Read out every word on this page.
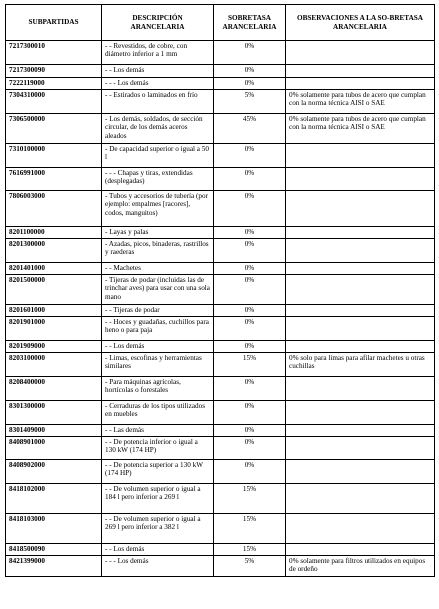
SUBPARTIDAS	DESCRIPCIÓN ARANCELARIA	SOBRETASA ARANCELARIA	OBSERVACIONES A LA SO-BRETASA ARANCELARIA
7217300010	- - Revestidos, de cobre, con diámetro inferior a 1 mm	0%	
7217300090	- - Los demás	0%	
7222119000	- - - Los demás	0%	
7304310000	- - Estirados o laminados en frío	5%	0% solamente para tubos de acero que cumplan con la norma técnica AISI o SAE
7306500000	- Los demás, soldados, de sección circular, de los demás aceros aleados	45%	0% solamente para tubos de acero que cumplan con la norma técnica AISI o SAE
7310100000	- De capacidad superior o igual a 50 l	0%	
7616991000	- - - Chapas y tiras, extendidas (desplegadas)	0%	
7806003000	- Tubos y accesorios de tubería (por ejemplo: empalmes [racores], codos, manguitos)	0%	
8201100000	- Layas y palas	0%	
8201300000	- Azadas, picos, binaderas, rastrillos y raederas	0%	
8201401000	- - Machetes	0%	
8201500000	- Tijeras de podar (incluidas las de trinchar aves) para usar con una sola mano	0%	
8201601000	- - Tijeras de podar	0%	
8201901000	- - Hoces y guadañas, cuchillos para heno o para paja	0%	
8201909000	- - Los demás	0%	
8203100000	- Limas, escofinas y herramientas similares	15%	0% solo para limas para afilar machetes u otras cuchillas
8208400000	- Para máquinas agrícolas, hortícolas o forestales	0%	
8301300000	- Cerraduras de los tipos utilizados en muebles	0%	
8301409000	- - Las demás	0%	
8408901000	- - De potencia inferior o igual a 130 kW (174 HP)	0%	
8408902000	- - De potencia superior a 130 kW (174 HP)	0%	
8418102000	- - De volumen superior o igual a 184 l pero inferior a 269 l	15%	
8418103000	- - De volumen superior o igual a 269 l pero inferior a 382 l	15%	
8418500090	- - Los demás	15%	
8421399000	- - - Los demás	5%	0% solamente para filtros utilizados en equipos de ordeño
